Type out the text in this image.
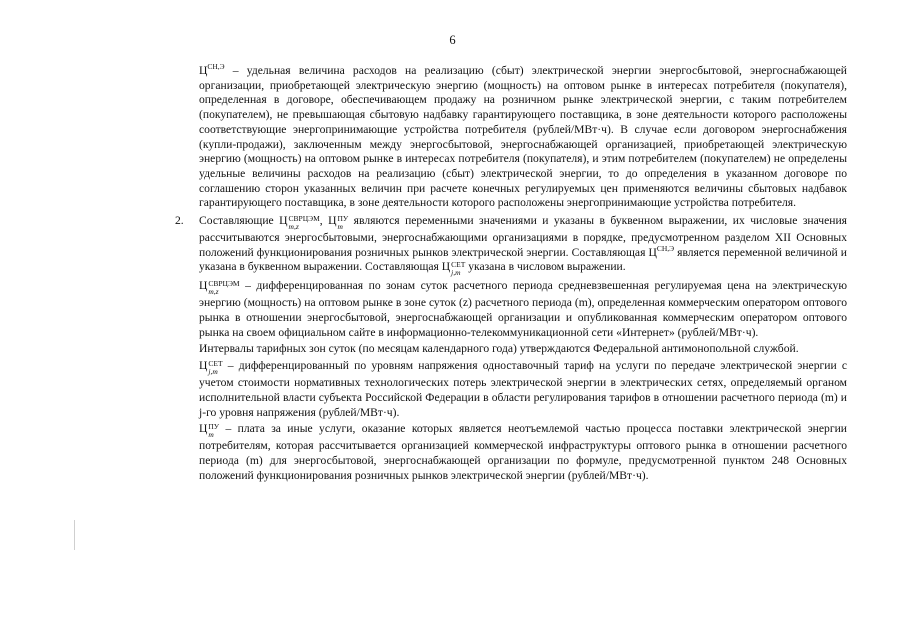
6

$Ц^{СН,Э}$ – удельная величина расходов на реализацию (сбыт) электрической энергии энергосбытовой, энергоснабжающей организации, приобретающей электрическую энергию (мощность) на оптовом рынке в интересах потребителя (покупателя), определенная в договоре, обеспечивающем продажу на розничном рынке электрической энергии, с таким потребителем (покупателем), не превышающая сбытовую надбавку гарантирующего поставщика, в зоне деятельности которого расположены соответствующие энергопринимающие устройства потребителя (рублей/МВт·ч). В случае если договором энергоснабжения (купли-продажи), заключенным между энергосбытовой, энергоснабжающей организацией, приобретающей электрическую энергию (мощность) на оптовом рынке в интересах потребителя (покупателя), и этим потребителем (покупателем) не определены удельные величины расходов на реализацию (сбыт) электрической энергии, то до определения в указанном договоре по соглашению сторон указанных величин при расчете конечных регулируемых цен применяются величины сбытовых надбавок гарантирующего поставщика, в зоне деятельности которого расположены энергопринимающие устройства потребителя.

2. Составляющие Ц СВРЦЭМ
m,z	, Ц ПУ
m являются переменными значениями и указаны в буквенном выражении, их числовые значения рассчитываются энергосбытовыми, энергоснабжающими организациями в порядке, предусмотренном разделом XII Основных положений функционирования розничных рынков электрической энергии. Составляющая $Ц^{СН,Э}$ является переменной величиной и указана в буквенном выражении. Составляющая Ц СЕТ
j,m указана в числовом выражении.

Ц СВРЦЭМ
m,z	– дифференцированная по зонам суток расчетного периода средневзвешенная регулируемая цена на электрическую энергию (мощность) на оптовом рынке в зоне суток (z) расчетного периода (m), определенная коммерческим оператором оптового рынка в отношении энергосбытовой, энергоснабжающей организации и опубликованная коммерческим оператором оптового рынка на своем официальном сайте в информационно-телекоммуникационной сети «Интернет» (рублей/МВт·ч).

Интервалы тарифных зон суток (по месяцам календарного года) утверждаются Федеральной антимонопольной службой.

Ц СЕТ
j,m – дифференцированный по уровням напряжения одноставочный тариф на услуги по передаче электрической энергии с учетом стоимости нормативных технологических потерь электрической энергии в электрических сетях, определяемый органом исполнительной власти субъекта Российской Федерации в области регулирования тарифов в отношении расчетного периода (m) и j-го уровня напряжения (рублей/МВт·ч).

Ц ПУ
m – плата за иные услуги, оказание которых является неотъемлемой частью процесса поставки электрической энергии потребителям, которая рассчитывается организацией коммерческой инфраструктуры оптового рынка в отношении расчетного периода (m) для энергосбытовой, энергоснабжающей организации по формуле, предусмотренной пунктом 248 Основных положений функционирования розничных рынков электрической энергии (рублей/МВт·ч).
